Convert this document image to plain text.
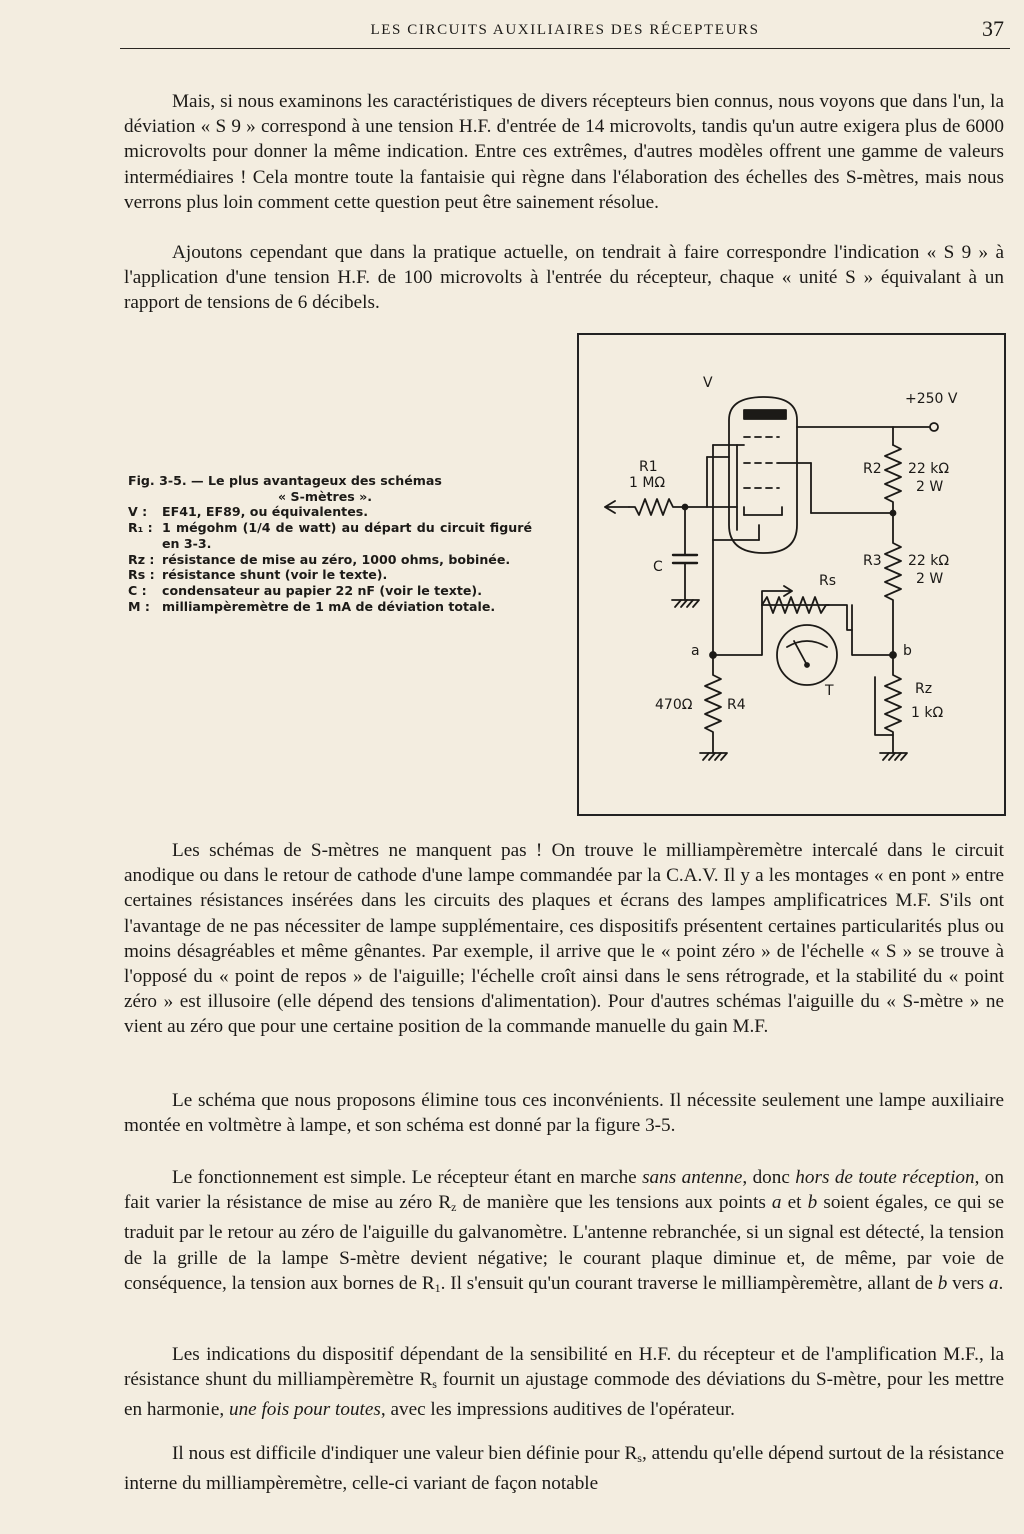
LES CIRCUITS AUXILIAIRES DES RÉCEPTEURS	37

Mais, si nous examinons les caractéristiques de divers récepteurs bien connus, nous voyons que dans l'un, la déviation « S 9 » correspond à une tension H.F. d'entrée de 14 microvolts, tandis qu'un autre exigera plus de 6000 microvolts pour donner la même indication. Entre ces extrêmes, d'autres modèles offrent une gamme de valeurs intermédiaires ! Cela montre toute la fantaisie qui règne dans l'élaboration des échelles des S-mètres, mais nous verrons plus loin comment cette question peut être sainement résolue.

Ajoutons cependant que dans la pratique actuelle, on tendrait à faire correspondre l'indication « S 9 » à l'application d'une tension H.F. de 100 microvolts à l'entrée du récepteur, chaque « unité S » équivalant à un rapport de tensions de 6 décibels.

Fig. 3-5. — Le plus avantageux des schémas
« S-mètres ».
V :	EF41, EF89, ou équivalentes.
R₁ : 1 mégohm (1/4 de watt) au départ du circuit figuré en 3-3.
Rz : résistance de mise au zéro, 1000 ohms, bobinée.
Rs : résistance shunt (voir le texte).
C :	condensateur au papier 22 nF (voir le texte).
M : milliampèremètre de 1 mA de déviation totale.
V
+250 V
R1
1 MΩ
R2 22 kΩ
2 W
R3 22 kΩ
2 W
C
Rs
a	b
T
470Ω R4
Rz
1 kΩ

Les schémas de S-mètres ne manquent pas ! On trouve le milliampèremètre intercalé dans le circuit anodique ou dans le retour de cathode d'une lampe commandée par la C.A.V. Il y a les montages « en pont » entre certaines résistances insérées dans les circuits des plaques et écrans des lampes amplificatrices M.F. S'ils ont l'avantage de ne pas nécessiter de lampe supplémentaire, ces dispositifs présentent certaines particularités plus ou moins désagréables et même gênantes. Par exemple, il arrive que le « point zéro » de l'échelle « S » se trouve à l'opposé du « point de repos » de l'aiguille; l'échelle croît ainsi dans le sens rétrograde, et la stabilité du « point zéro » est illusoire (elle dépend des tensions d'alimentation). Pour d'autres schémas l'aiguille du « S-mètre » ne vient au zéro que pour une certaine position de la commande manuelle du gain M.F.

Le schéma que nous proposons élimine tous ces inconvénients. Il nécessite seulement une lampe auxiliaire montée en voltmètre à lampe, et son schéma est donné par la figure 3-5.

Le fonctionnement est simple. Le récepteur étant en marche sans antenne, donc hors de toute réception, on fait varier la résistance de mise au zéro $R_z$ de manière que les tensions aux points a et b soient égales, ce qui se traduit par le retour au zéro de l'aiguille du galvanomètre. L'antenne rebranchée, si un signal est détecté, la tension de la grille de la lampe S-mètre devient négative; le courant plaque diminue et, de même, par voie de conséquence, la tension aux bornes de $R_1$. Il s'ensuit qu'un courant traverse le milliampèremètre, allant de b vers a.

Les indications du dispositif dépendant de la sensibilité en H.F. du récepteur et de l'amplification M.F., la résistance shunt du milliampèremètre $R_s$ fournit un ajustage commode des déviations du S-mètre, pour les mettre en harmonie, une fois pour toutes, avec les impressions auditives de l'opérateur.

Il nous est difficile d'indiquer une valeur bien définie pour $R_s$, attendu qu'elle dépend surtout de la résistance interne du milliampèremètre, celle-ci variant de façon notable
